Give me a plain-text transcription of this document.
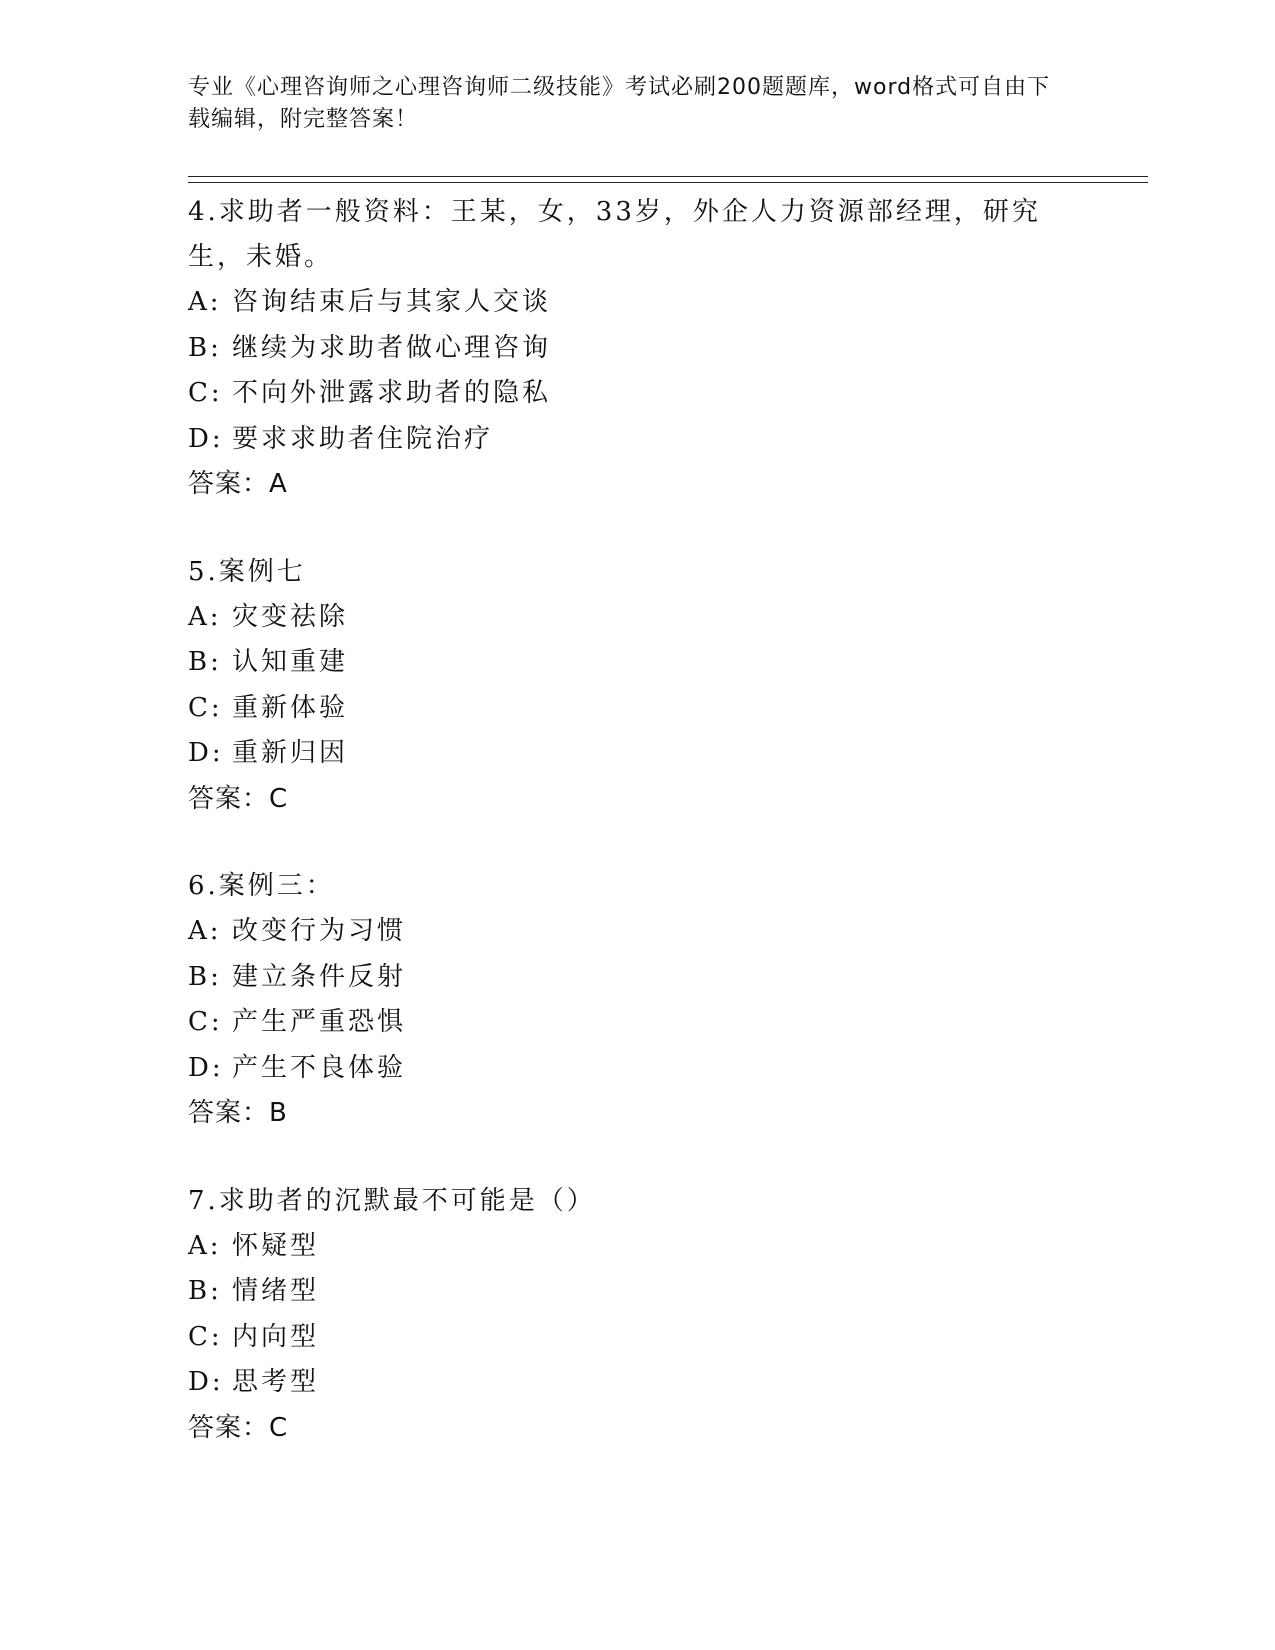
专业《心理咨询师之心理咨询师二级技能》考试必刷200题题库，word格式可自由下载编辑，附完整答案！

4.求助者一般资料：王某，女，33岁，外企人力资源部经理，研究生，未婚。

A: 咨询结束后与其家人交谈

B: 继续为求助者做心理咨询

C: 不向外泄露求助者的隐私

D: 要求求助者住院治疗

答案：A

5.案例七

A: 灾变祛除

B: 认知重建

C: 重新体验

D: 重新归因

答案：C

6.案例三：

A: 改变行为习惯

B: 建立条件反射

C: 产生严重恐惧

D: 产生不良体验

答案：B

7.求助者的沉默最不可能是（）

A: 怀疑型

B: 情绪型

C: 内向型

D: 思考型

答案：C
